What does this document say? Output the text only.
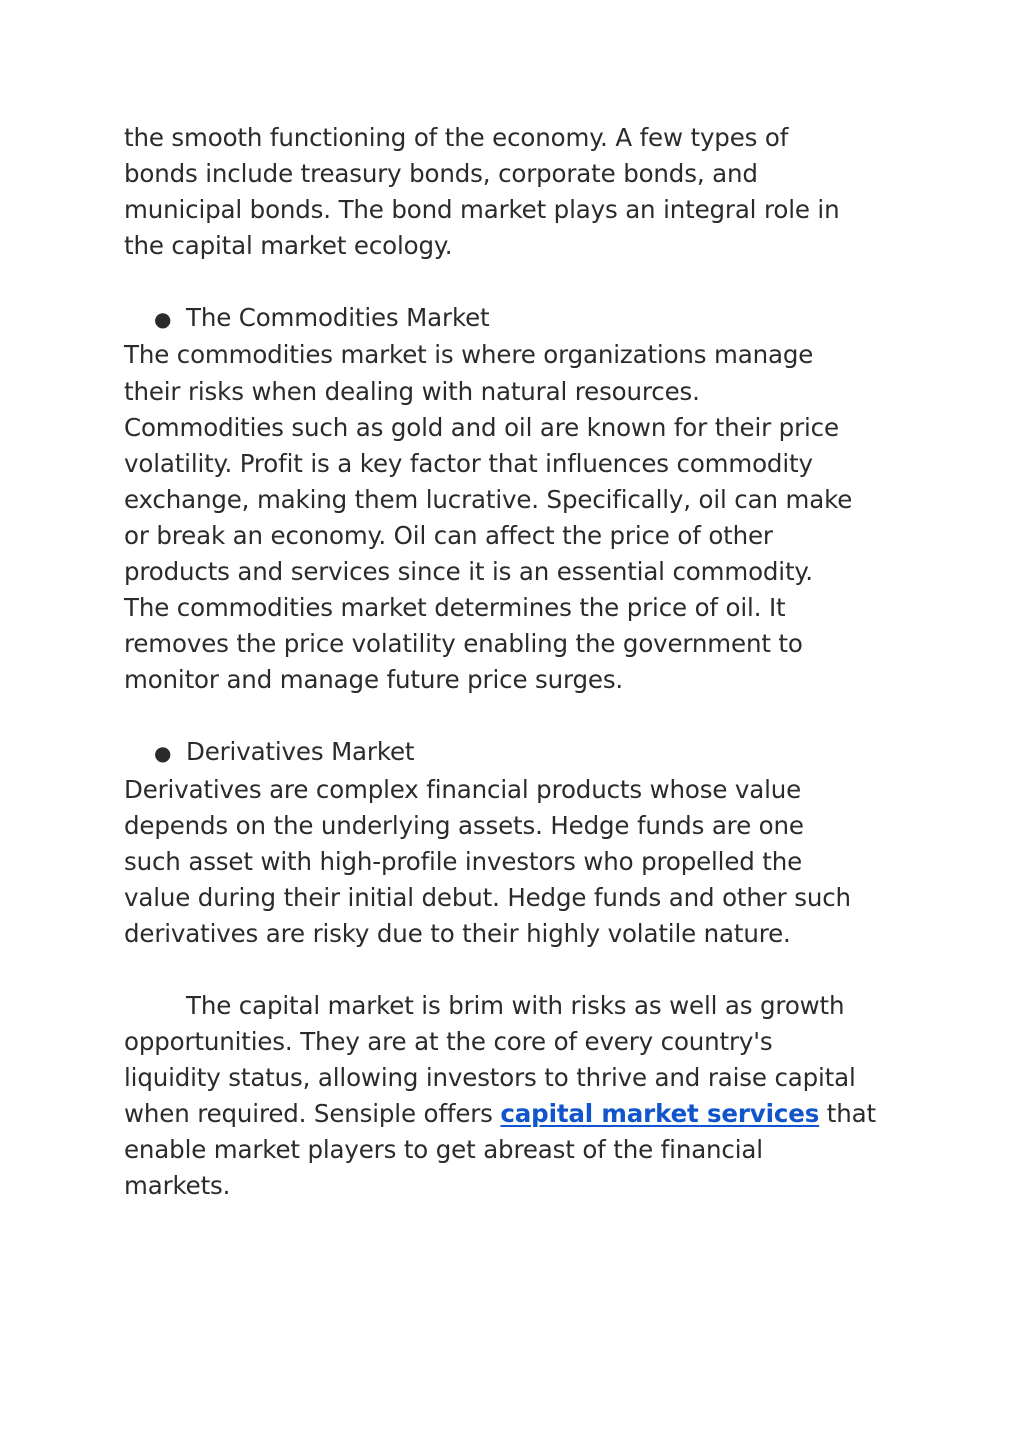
the smooth functioning of the economy. A few types of
bonds include treasury bonds, corporate bonds, and
municipal bonds. The bond market plays an integral role in
the capital market ecology.
● The Commodities Market
The commodities market is where organizations manage
their risks when dealing with natural resources.
Commodities such as gold and oil are known for their price
volatility. Profit is a key factor that influences commodity
exchange, making them lucrative. Specifically, oil can make
or break an economy. Oil can affect the price of other
products and services since it is an essential commodity.
The commodities market determines the price of oil. It
removes the price volatility enabling the government to
monitor and manage future price surges.
● Derivatives Market
Derivatives are complex financial products whose value
depends on the underlying assets. Hedge funds are one
such asset with high-profile investors who propelled the
value during their initial debut. Hedge funds and other such
derivatives are risky due to their highly volatile nature.
The capital market is brim with risks as well as growth
opportunities. They are at the core of every country's
liquidity status, allowing investors to thrive and raise capital
when required. Sensiple offers capital market services that
enable market players to get abreast of the financial
markets.
